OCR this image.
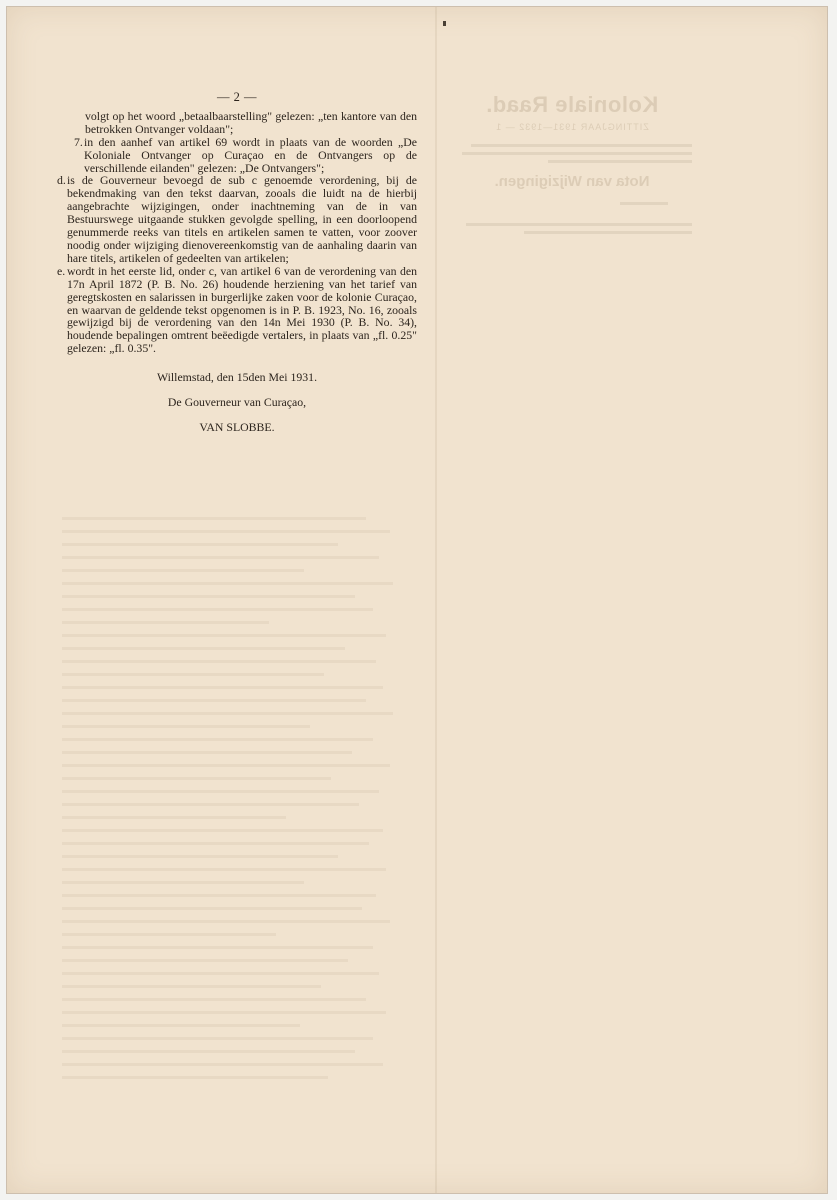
Koloniale Raad.
ZITTINGJAAR 1931—1932 — 1
Nota van Wijzigingen.
— 2 —
volgt op het woord „betaalbaarstelling" gelezen: „ten kantore van den betrokken Ontvanger voldaan";
7. in den aanhef van artikel 69 wordt in plaats van de woorden „De Koloniale Ontvanger op Curaçao en de Ontvangers op de verschillende eilanden" gelezen: „De Ontvangers";
d. is de Gouverneur bevoegd de sub c genoemde verordening, bij de bekendmaking van den tekst daarvan, zooals die luidt na de hierbij aangebrachte wijzigingen, onder inachtneming van de in van Bestuurswege uitgaande stukken gevolgde spelling, in een doorloopend genummerde reeks van titels en artikelen samen te vatten, voor zoover noodig onder wijziging dienovereenkomstig van de aanhaling daarin van hare titels, artikelen of gedeelten van artikelen;
e. wordt in het eerste lid, onder c, van artikel 6 van de verordening van den 17n April 1872 (P. B. No. 26) houdende herziening van het tarief van geregtskosten en salarissen in burgerlijke zaken voor de kolonie Curaçao, en waarvan de geldende tekst opgenomen is in P. B. 1923, No. 16, zooals gewijzigd bij de verordening van den 14n Mei 1930 (P. B. No. 34), houdende bepalingen omtrent beëedigde vertalers, in plaats van „fl. 0.25" gelezen: „fl. 0.35".
Willemstad, den 15den Mei 1931.
De Gouverneur van Curaçao,
VAN SLOBBE.
